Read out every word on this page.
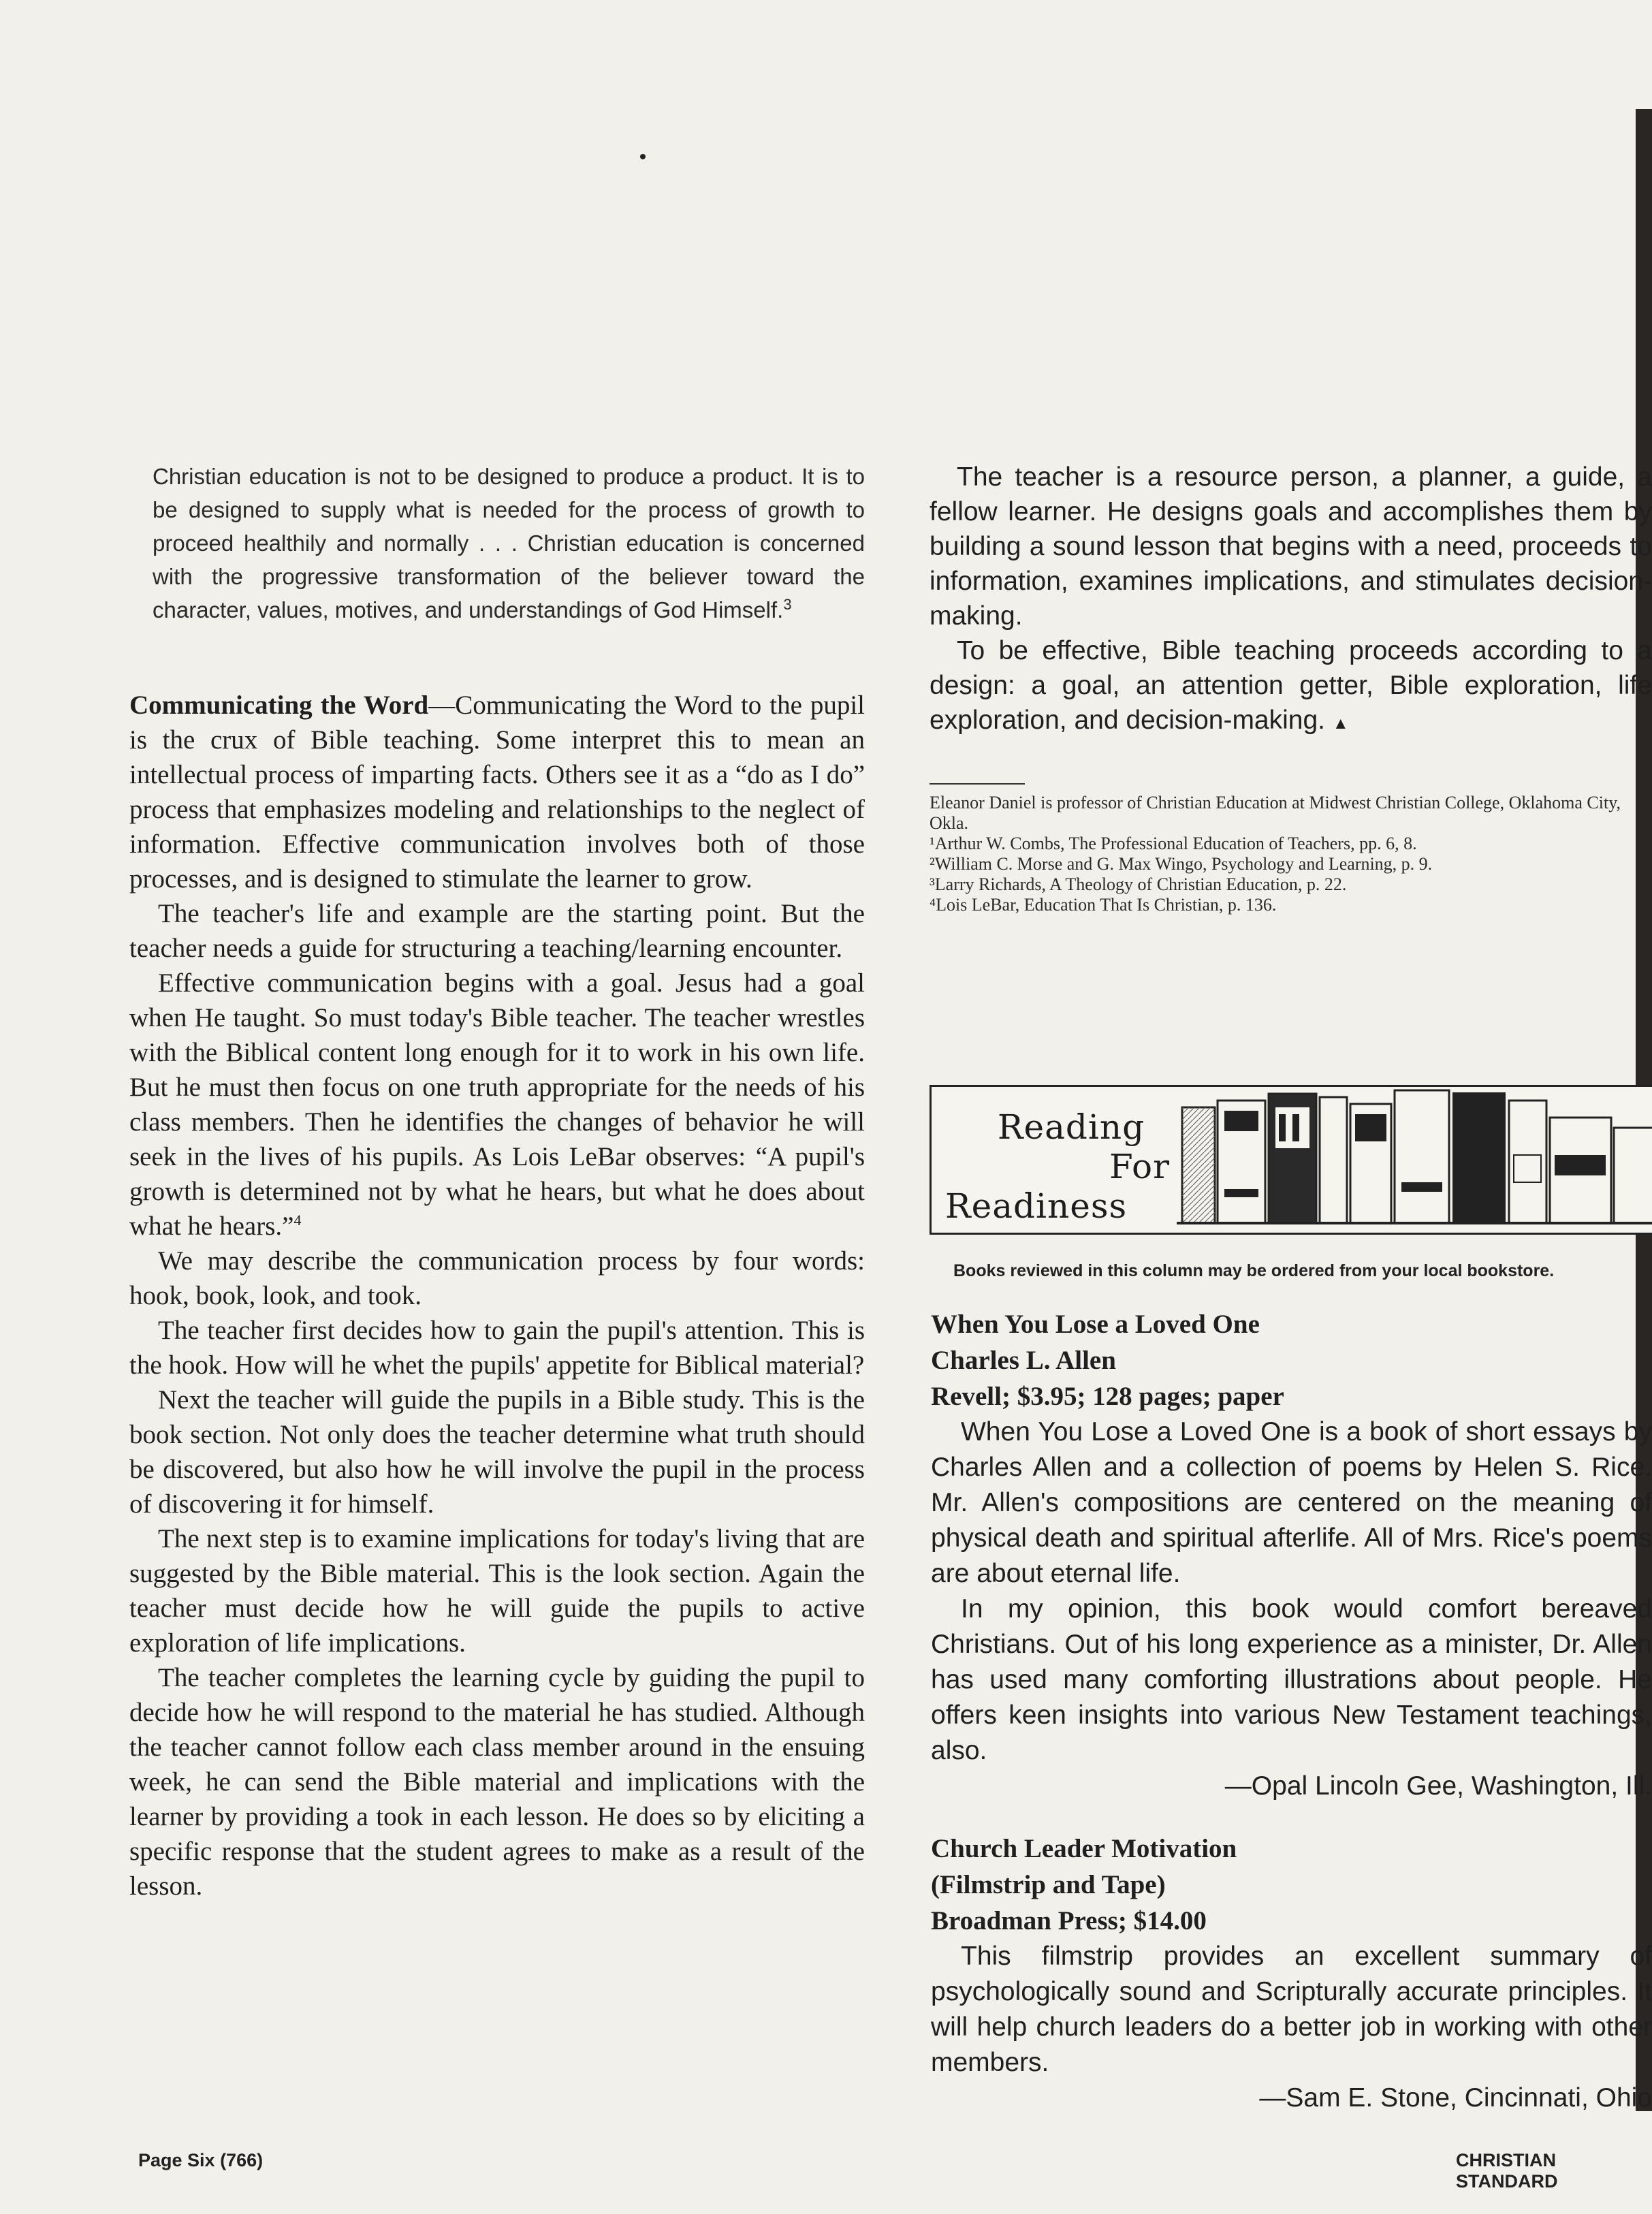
Christian education is not to be designed to produce a product. It is to be designed to supply what is needed for the process of growth to proceed healthily and normally . . . Christian education is concerned with the progressive transformation of the believer toward the character, values, motives, and understandings of God Himself.$^3$

Communicating the Word—Communicating the Word to the pupil is the crux of Bible teaching. Some interpret this to mean an intellectual process of imparting facts. Others see it as a “do as I do” process that emphasizes modeling and relationships to the neglect of information. Effective communication involves both of those processes, and is designed to stimulate the learner to grow.

The teacher's life and example are the starting point. But the teacher needs a guide for structuring a teaching/learning encounter.

Effective communication begins with a goal. Jesus had a goal when He taught. So must today's Bible teacher. The teacher wrestles with the Biblical content long enough for it to work in his own life. But he must then focus on one truth appropriate for the needs of his class members. Then he identifies the changes of behavior he will seek in the lives of his pupils. As Lois LeBar observes: “A pupil's growth is determined not by what he hears, but what he does about what he hears.”$^4$

We may describe the communication process by four words: hook, book, look, and took.

The teacher first decides how to gain the pupil's attention. This is the hook. How will he whet the pupils' appetite for Biblical material?

Next the teacher will guide the pupils in a Bible study. This is the book section. Not only does the teacher determine what truth should be discovered, but also how he will involve the pupil in the process of discovering it for himself.

The next step is to examine implications for today's living that are suggested by the Bible material. This is the look section. Again the teacher must decide how he will guide the pupils to active exploration of life implications.

The teacher completes the learning cycle by guiding the pupil to decide how he will respond to the material he has studied. Although the teacher cannot follow each class member around in the ensuing week, he can send the Bible material and implications with the learner by providing a took in each lesson. He does so by eliciting a specific response that the student agrees to make as a result of the lesson.

The teacher is a resource person, a planner, a guide, a fellow learner. He designs goals and accomplishes them by building a sound lesson that begins with a need, proceeds to information, examines implications, and stimulates decision-making.

To be effective, Bible teaching proceeds according to a design: a goal, an attention getter, Bible exploration, life exploration, and decision-making. ▲

Eleanor Daniel is professor of Christian Education at Midwest Christian College, Oklahoma City, Okla.
¹Arthur W. Combs, The Professional Education of Teachers, pp. 6, 8.
²William C. Morse and G. Max Wingo, Psychology and Learning, p. 9.
³Larry Richards, A Theology of Christian Education, p. 22.
⁴Lois LeBar, Education That Is Christian, p. 136.
Reading
For
Readiness
Books reviewed in this column may be ordered from your local bookstore.
When You Lose a Loved One
Charles L. Allen
Revell; $3.95; 128 pages; paper

When You Lose a Loved One is a book of short essays by Charles Allen and a collection of poems by Helen S. Rice. Mr. Allen's compositions are centered on the meaning of physical death and spiritual afterlife. All of Mrs. Rice's poems are about eternal life.

In my opinion, this book would comfort bereaved Christians. Out of his long experience as a minister, Dr. Allen has used many comforting illustrations about people. He offers keen insights into various New Testament teachings, also.

—Opal Lincoln Gee, Washington, Ill.
Church Leader Motivation
(Filmstrip and Tape)
Broadman Press; $14.00

This filmstrip provides an excellent summary of psychologically sound and Scripturally accurate principles. It will help church leaders do a better job in working with other members.

—Sam E. Stone, Cincinnati, Ohio
Page Six (766)	CHRISTIAN STANDARD
